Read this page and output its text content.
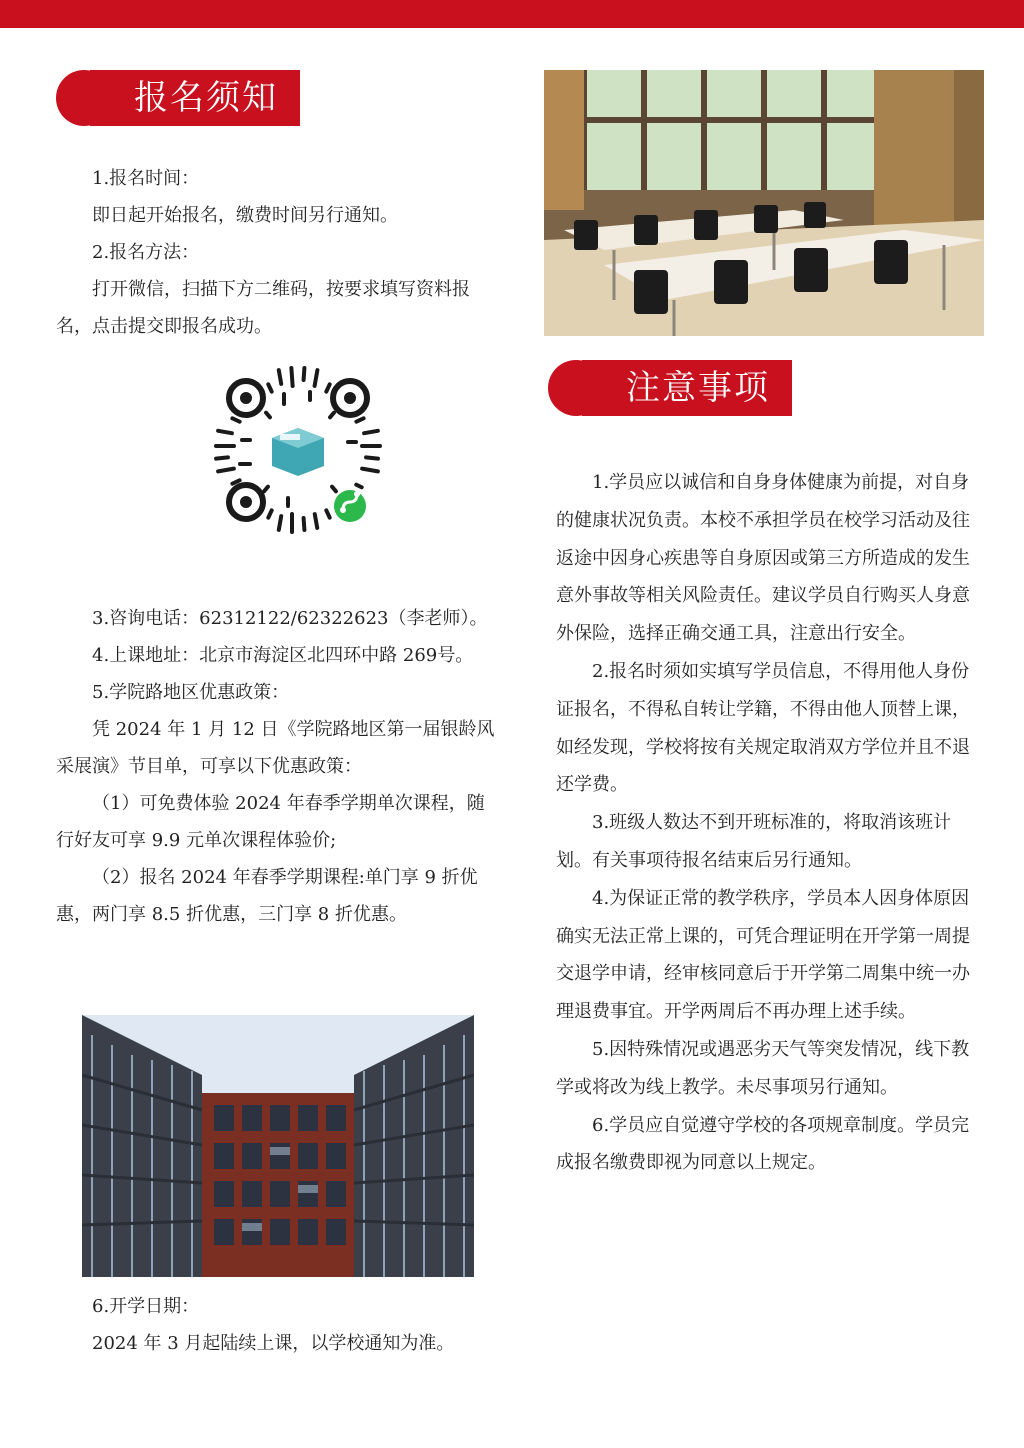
报名须知

1.报名时间：

即日起开始报名，缴费时间另行通知。

2.报名方法：

打开微信，扫描下方二维码，按要求填写资料报名，点击提交即报名成功。

3.咨询电话：62312122/62322623（李老师）。

4.上课地址：北京市海淀区北四环中路 269号。

5.学院路地区优惠政策：

凭 2024 年 1 月 12 日《学院路地区第一届银龄风采展演》节目单，可享以下优惠政策：

（1）可免费体验 2024 年春季学期单次课程，随行好友可享 9.9 元单次课程体验价;

（2）报名 2024 年春季学期课程:单门享 9 折优惠，两门享 8.5 折优惠，三门享 8 折优惠。

6.开学日期：

2024 年 3 月起陆续上课，以学校通知为准。

注意事项

1.学员应以诚信和自身身体健康为前提，对自身的健康状况负责。本校不承担学员在校学习活动及往返途中因身心疾患等自身原因或第三方所造成的发生意外事故等相关风险责任。建议学员自行购买人身意外保险，选择正确交通工具，注意出行安全。

2.报名时须如实填写学员信息，不得用他人身份证报名，不得私自转让学籍，不得由他人顶替上课，如经发现，学校将按有关规定取消双方学位并且不退还学费。

3.班级人数达不到开班标准的，将取消该班计划。有关事项待报名结束后另行通知。

4.为保证正常的教学秩序，学员本人因身体原因确实无法正常上课的，可凭合理证明在开学第一周提交退学申请，经审核同意后于开学第二周集中统一办理退费事宜。开学两周后不再办理上述手续。

5.因特殊情况或遇恶劣天气等突发情况，线下教学或将改为线上教学。未尽事项另行通知。

6.学员应自觉遵守学校的各项规章制度。学员完成报名缴费即视为同意以上规定。
